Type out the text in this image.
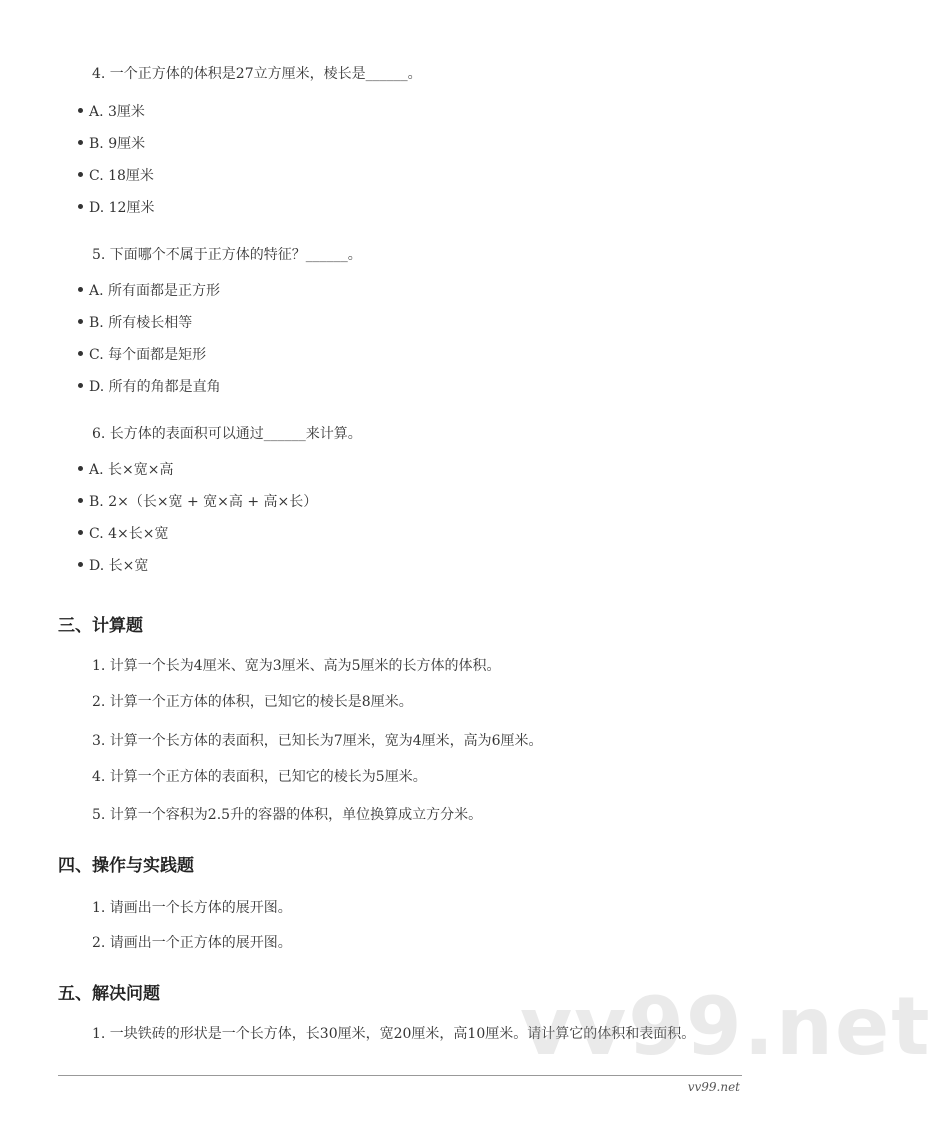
4. 一个正方体的体积是27立方厘米，棱长是______。
A. 3厘米
B. 9厘米
C. 18厘米
D. 12厘米
5. 下面哪个不属于正方体的特征？______。
A. 所有面都是正方形
B. 所有棱长相等
C. 每个面都是矩形
D. 所有的角都是直角
6. 长方体的表面积可以通过______来计算。
A. 长×宽×高
B. 2×（长×宽 + 宽×高 + 高×长）
C. 4×长×宽
D. 长×宽
三、计算题
1. 计算一个长为4厘米、宽为3厘米、高为5厘米的长方体的体积。
2. 计算一个正方体的体积，已知它的棱长是8厘米。
3. 计算一个长方体的表面积，已知长为7厘米，宽为4厘米，高为6厘米。
4. 计算一个正方体的表面积，已知它的棱长为5厘米。
5. 计算一个容积为2.5升的容器的体积，单位换算成立方分米。
四、操作与实践题
1. 请画出一个长方体的展开图。
2. 请画出一个正方体的展开图。
五、解决问题
1. 一块铁砖的形状是一个长方体，长30厘米，宽20厘米，高10厘米。请计算它的体积和表面积。
vv99.net
vv99.net
